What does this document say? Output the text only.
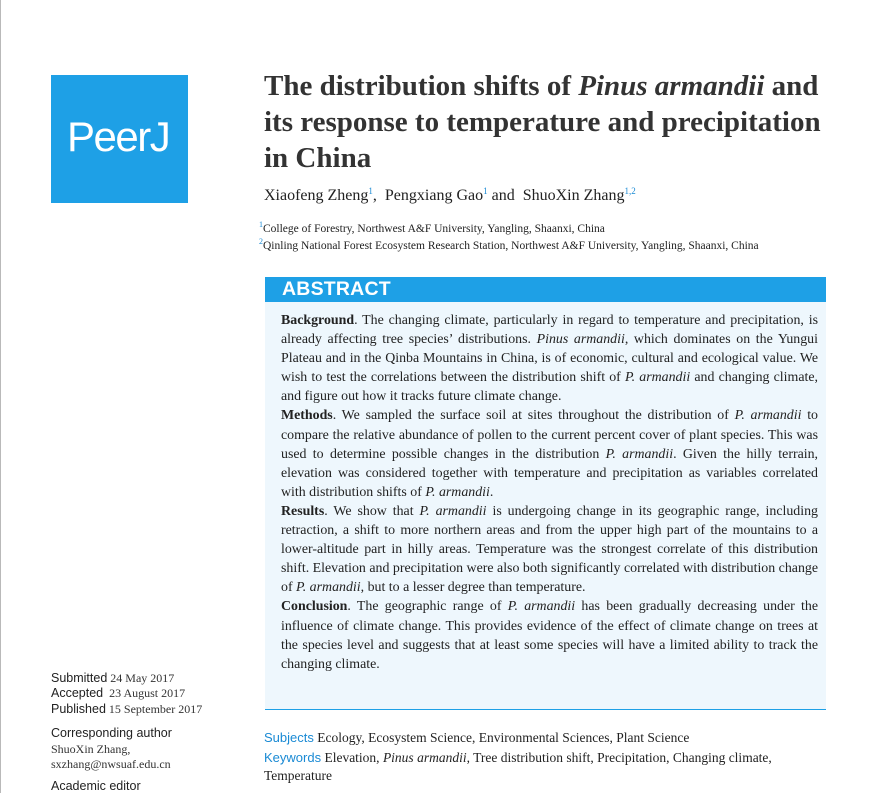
PeerJ
The distribution shifts of Pinus armandii and its response to temperature and precipitation in China
Xiaofeng Zheng$^1$,  Pengxiang Gao$^1$ and  ShuoXin Zhang$^{1,2}$
$^1$College of Forestry, Northwest A&F University, Yangling, Shaanxi, China
$^2$Qinling National Forest Ecosystem Research Station, Northwest A&F University, Yangling, Shaanxi, China
ABSTRACT

Background. The changing climate, particularly in regard to temperature and precipitation, is already affecting tree species’ distributions. Pinus armandii, which dominates on the Yungui Plateau and in the Qinba Mountains in China, is of economic, cultural and ecological value. We wish to test the correlations between the distribution shift of P. armandii and changing climate, and figure out how it tracks future climate change.

Methods. We sampled the surface soil at sites throughout the distribution of P. armandii to compare the relative abundance of pollen to the current percent cover of plant species. This was used to determine possible changes in the distribution P. armandii. Given the hilly terrain, elevation was considered together with temperature and precipitation as variables correlated with distribution shifts of P. armandii.

Results. We show that P. armandii is undergoing change in its geographic range, including retraction, a shift to more northern areas and from the upper high part of the mountains to a lower-altitude part in hilly areas. Temperature was the strongest correlate of this distribution shift. Elevation and precipitation were also both significantly correlated with distribution change of P. armandii, but to a lesser degree than temperature.

Conclusion. The geographic range of P. armandii has been gradually decreasing under the influence of climate change. This provides evidence of the effect of climate change on trees at the species level and suggests that at least some species will have a limited ability to track the changing climate.

Subjects Ecology, Ecosystem Science, Environmental Sciences, Plant Science
Keywords Elevation, Pinus armandii, Tree distribution shift, Precipitation, Changing climate, Temperature
Submitted 24 May 2017
Accepted 23 August 2017
Published 15 September 2017
Corresponding author
ShuoXin Zhang,
sxzhang@nwsuaf.edu.cn
Academic editor
